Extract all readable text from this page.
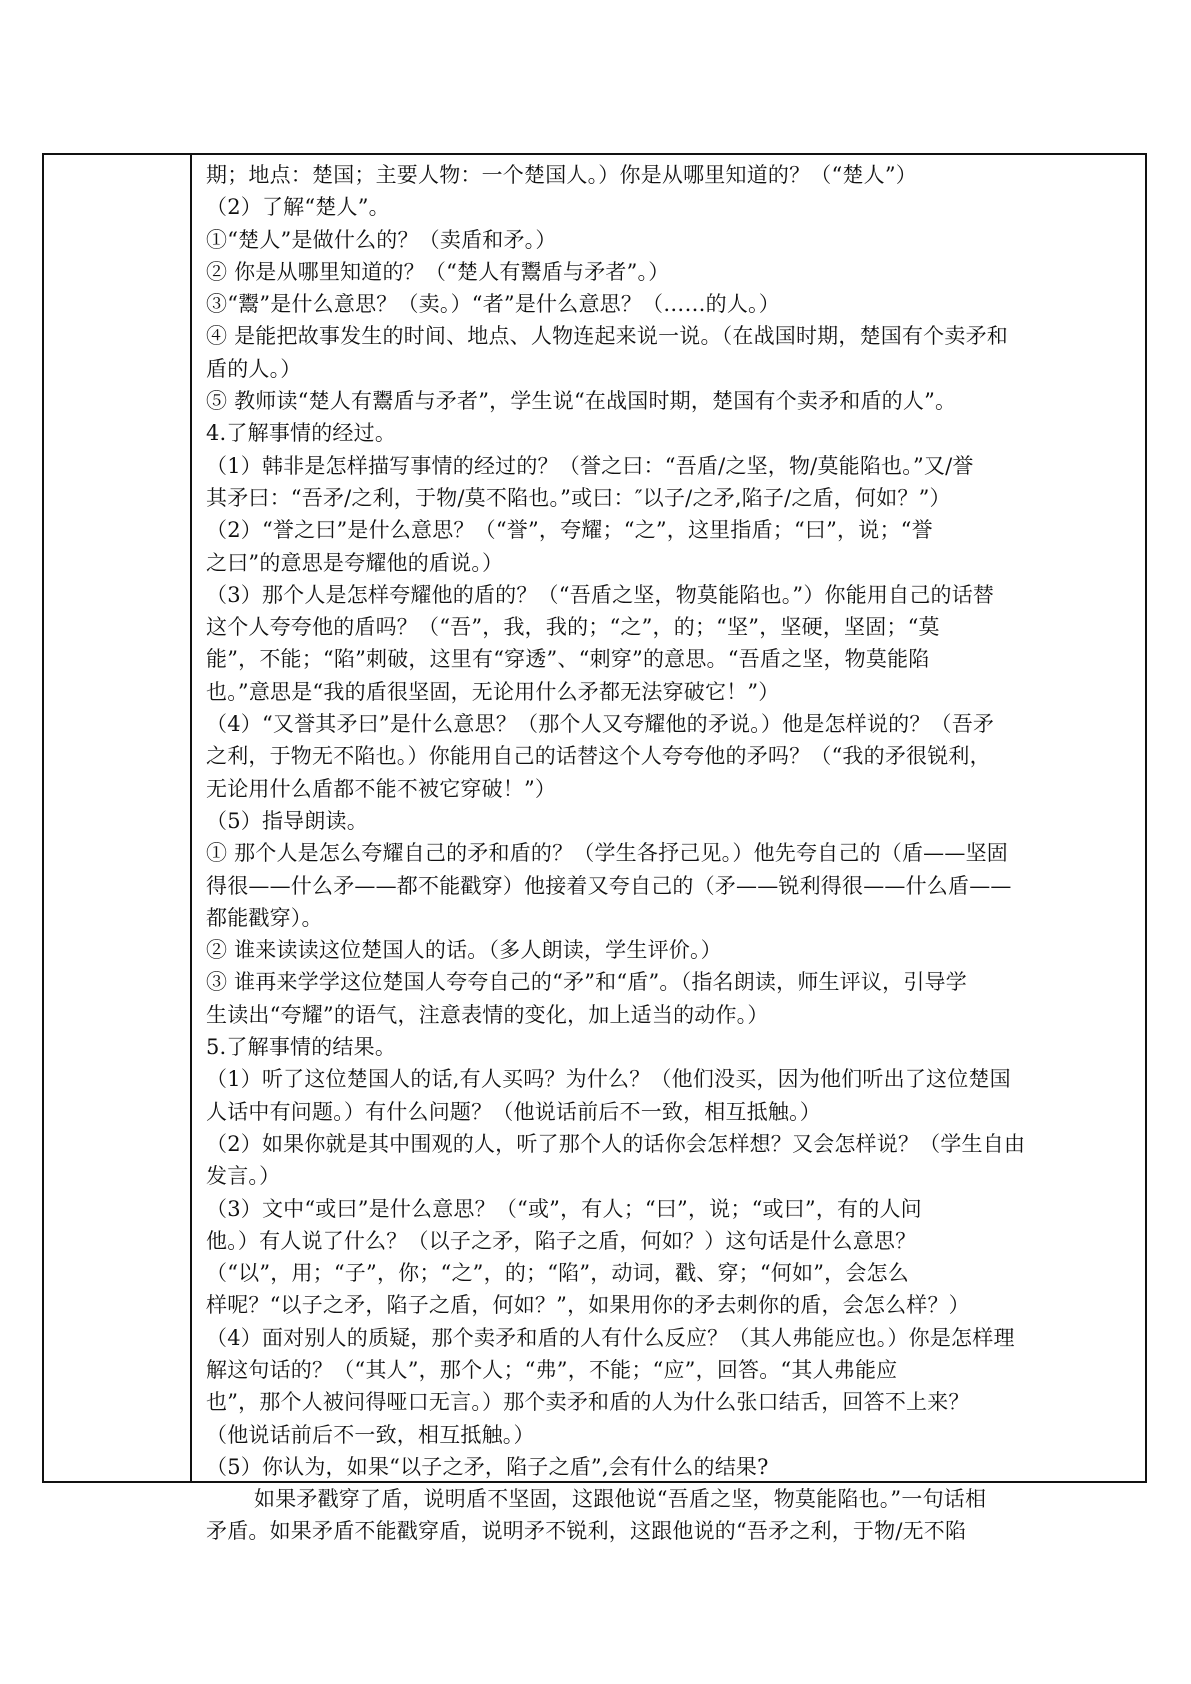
期；地点：楚国；主要人物：一个楚国人。）你是从哪里知道的？（“楚人”）
（2）了解“楚人”。
①“楚人”是做什么的？（卖盾和矛。）
② 你是从哪里知道的？（“楚人有鬻盾与矛者”。）
③“鬻”是什么意思？（卖。）“者”是什么意思？（……的人。）
④ 是能把故事发生的时间、地点、人物连起来说一说。（在战国时期，楚国有个卖矛和
盾的人。）
⑤ 教师读“楚人有鬻盾与矛者”，学生说“在战国时期，楚国有个卖矛和盾的人”。
4.了解事情的经过。
（1）韩非是怎样描写事情的经过的？（誉之曰：“吾盾/之坚，物/莫能陷也。”又/誉
其矛曰：“吾矛/之利，于物/莫不陷也。”或曰：″以子/之矛,陷子/之盾，何如？”）
（2）“誉之曰”是什么意思？（“誉”，夸耀；“之”，这里指盾；“曰”，说；“誉
之曰”的意思是夸耀他的盾说。）
（3）那个人是怎样夸耀他的盾的？（“吾盾之坚，物莫能陷也。”）你能用自己的话替
这个人夸夸他的盾吗？（“吾”，我，我的；“之”，的；“坚”，坚硬，坚固；“莫
能”，不能；“陷”刺破，这里有“穿透”、“刺穿”的意思。“吾盾之坚，物莫能陷
也。”意思是“我的盾很坚固，无论用什么矛都无法穿破它！”）
（4）“又誉其矛曰”是什么意思？（那个人又夸耀他的矛说。）他是怎样说的？（吾矛
之利，于物无不陷也。）你能用自己的话替这个人夸夸他的矛吗？（“我的矛很锐利，
无论用什么盾都不能不被它穿破！”）
（5）指导朗读。
① 那个人是怎么夸耀自己的矛和盾的？（学生各抒己见。）他先夸自己的（盾——坚固
得很——什么矛——都不能戳穿）他接着又夸自己的（矛——锐利得很——什么盾——
都能戳穿）。
② 谁来读读这位楚国人的话。（多人朗读，学生评价。）
③ 谁再来学学这位楚国人夸夸自己的“矛”和“盾”。（指名朗读，师生评议，引导学
生读出“夸耀”的语气，注意表情的变化，加上适当的动作。）
5.了解事情的结果。
（1）听了这位楚国人的话,有人买吗？为什么？（他们没买，因为他们听出了这位楚国
人话中有问题。）有什么问题？（他说话前后不一致，相互抵触。）
（2）如果你就是其中围观的人，听了那个人的话你会怎样想？又会怎样说？（学生自由
发言。）
（3）文中“或曰”是什么意思？（“或”，有人；“曰”，说；“或曰”，有的人问
他。）有人说了什么？（以子之矛，陷子之盾，何如？）这句话是什么意思？
（“以”，用；“子”，你；“之”，的；“陷”，动词，戳、穿；“何如”，会怎么
样呢？“以子之矛，陷子之盾，何如？”，如果用你的矛去刺你的盾，会怎么样？）
（4）面对别人的质疑，那个卖矛和盾的人有什么反应？（其人弗能应也。）你是怎样理
解这句话的？（“其人”，那个人；“弗”，不能；“应”，回答。“其人弗能应
也”，那个人被问得哑口无言。）那个卖矛和盾的人为什么张口结舌，回答不上来？
（他说话前后不一致，相互抵触。）
（5）你认为，如果“以子之矛，陷子之盾”,会有什么的结果?
如果矛戳穿了盾，说明盾不坚固，这跟他说“吾盾之坚，物莫能陷也。”一句话相
矛盾。如果矛盾不能戳穿盾，说明矛不锐利，这跟他说的“吾矛之利，于物/无不陷
